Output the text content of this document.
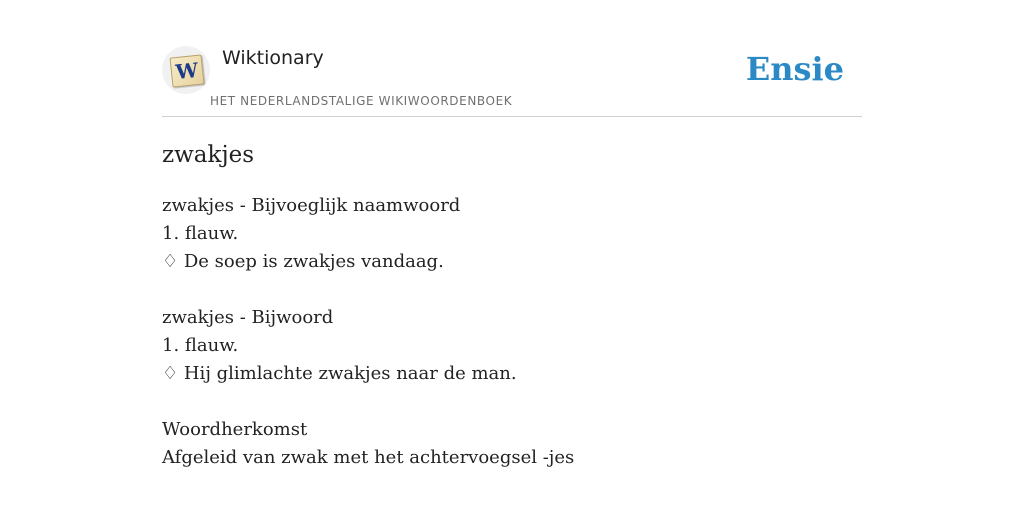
W Wiktionary
HET NEDERLANDSTALIGE WIKIWOORDENBOEK
Ensie
zwakjes
zwakjes - Bijvoeglijk naamwoord
1. flauw.
♢ De soep is zwakjes vandaag.
zwakjes - Bijwoord
1. flauw.
♢ Hij glimlachte zwakjes naar de man.
Woordherkomst
Afgeleid van zwak met het achtervoegsel -jes
